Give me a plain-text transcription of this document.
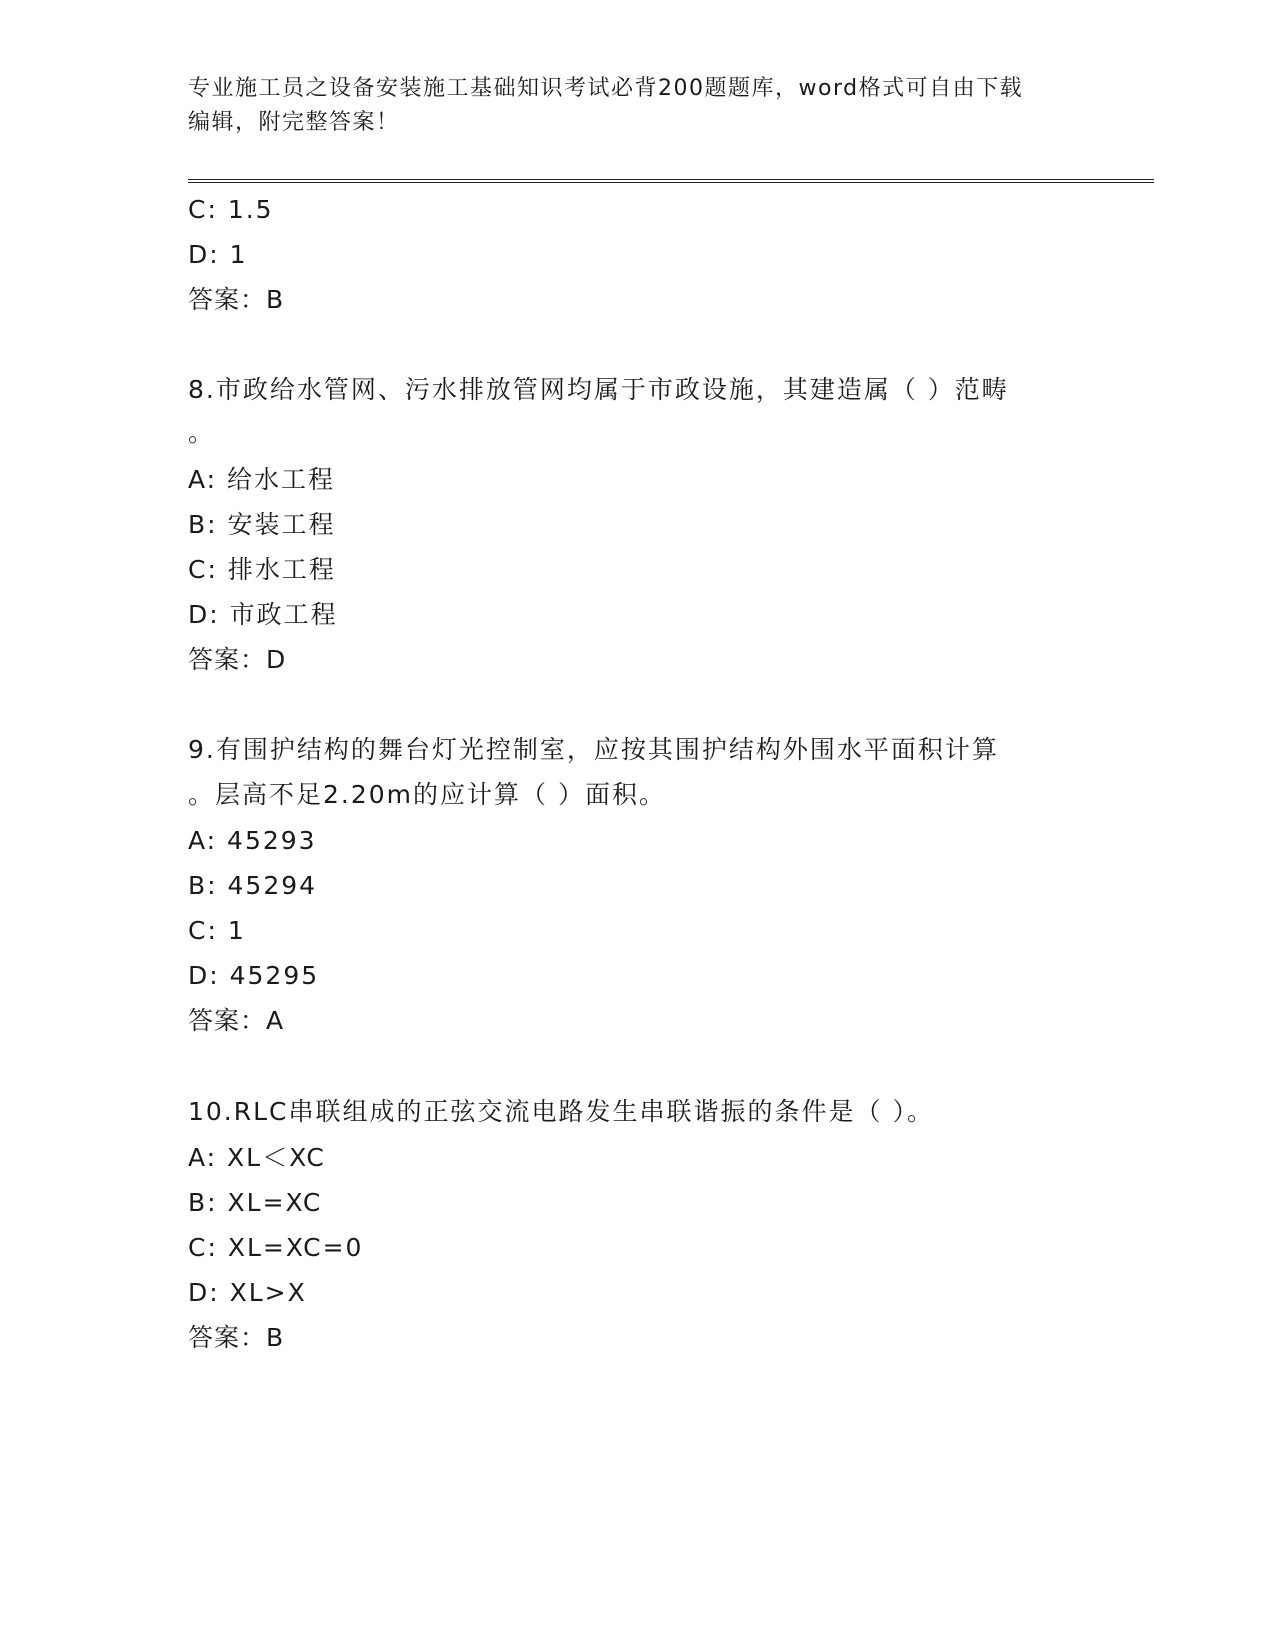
专业施工员之设备安装施工基础知识考试必背200题题库，word格式可自由下载
编辑，附完整答案！
C: 1.5
D: 1
答案：B
8.市政给水管网、污水排放管网均属于市政设施，其建造属（ ）范畴
。
A: 给水工程
B: 安装工程
C: 排水工程
D: 市政工程
答案：D
9.有围护结构的舞台灯光控制室，应按其围护结构外围水平面积计算
。层高不足2.20m的应计算（ ）面积。
A: 45293
B: 45294
C: 1
D: 45295
答案：A
10.RLC串联组成的正弦交流电路发生串联谐振的条件是（ ）。
A: XL＜XC
B: XL=XC
C: XL=XC=0
D: XL>X
答案：B
